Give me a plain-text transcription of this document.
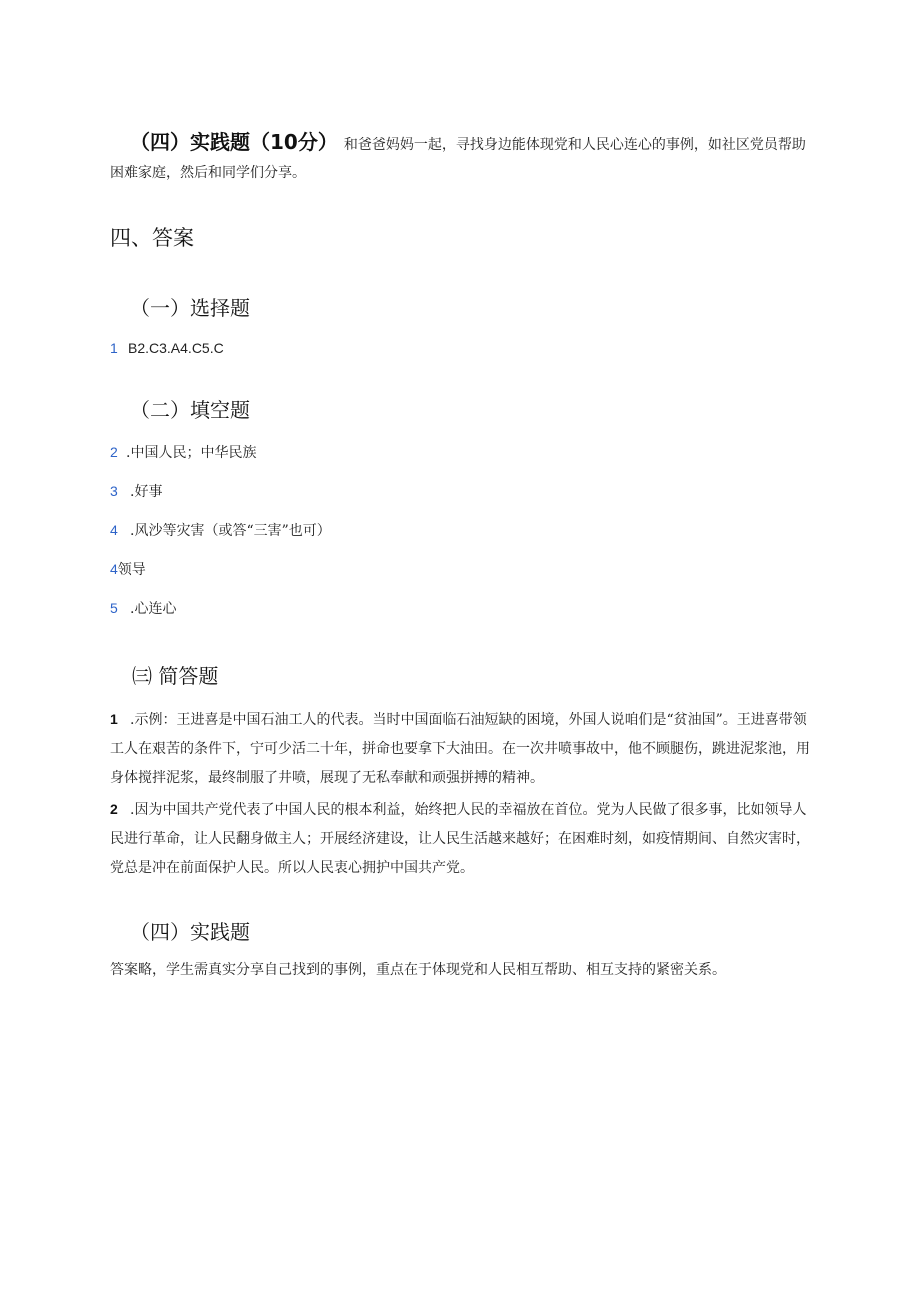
（四）实践题（10分） 和爸爸妈妈一起，寻找身边能体现党和人民心连心的事例，如社区党员帮助困难家庭，然后和同学们分享。
四、答案
（一）选择题
1 B2.C3.A4.C5.C
（二）填空题
2 .中国人民；中华民族
3 .好事
4 .风沙等灾害（或答“三害”也可）
4领导
5 .心连心
㈢ 简答题
1 .示例：王进喜是中国石油工人的代表。当时中国面临石油短缺的困境，外国人说咱们是“贫油国”。王进喜带领工人在艰苦的条件下，宁可少活二十年，拼命也要拿下大油田。在一次井喷事故中，他不顾腿伤，跳进泥浆池，用身体搅拌泥浆，最终制服了井喷，展现了无私奉献和顽强拼搏的精神。
2 .因为中国共产党代表了中国人民的根本利益，始终把人民的幸福放在首位。党为人民做了很多事，比如领导人民进行革命，让人民翻身做主人；开展经济建设，让人民生活越来越好；在困难时刻，如疫情期间、自然灾害时，党总是冲在前面保护人民。所以人民衷心拥护中国共产党。
（四）实践题
答案略，学生需真实分享自己找到的事例，重点在于体现党和人民相互帮助、相互支持的紧密关系。
